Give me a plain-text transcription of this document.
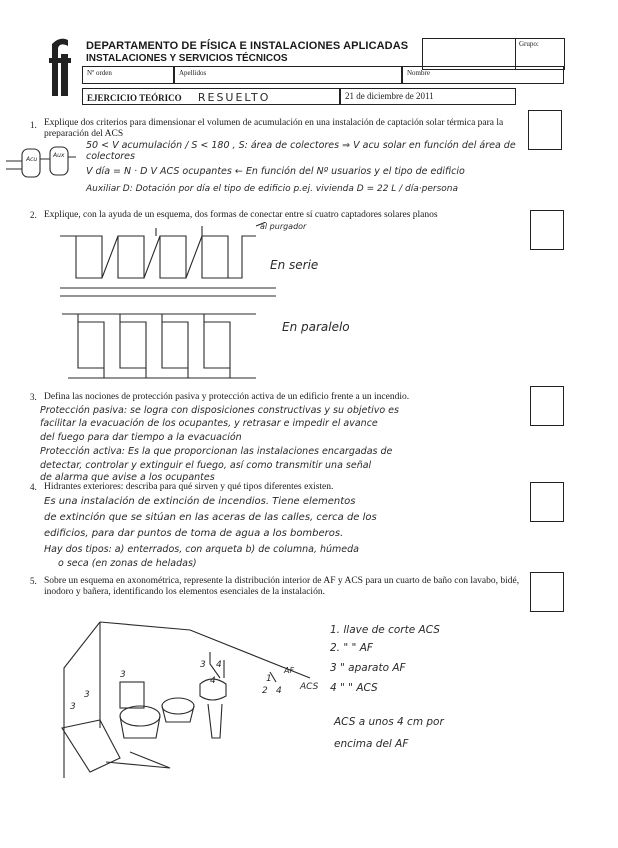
DEPARTAMENTO DE FÍSICA E INSTALACIONES APLICADAS
INSTALACIONES Y SERVICIOS TÉCNICOS
Grupo:
Nº orden	Apellidos	Nombre
EJERCICIO TEÓRICO RESUELTO	21 de diciembre de 2011
1. Explique dos criterios para dimensionar el volumen de acumulación en una instalación de captación solar térmica para la preparación del ACS
Acu
Aux
50 < V acumulación / S < 180 , S: área de colectores ⇒ V acu solar en función del área de colectores
V día = N · D V ACS ocupantes ← En función del Nº usuarios y el tipo de edificio
Auxiliar D: Dotación por día el tipo de edificio p.ej. vivienda D = 22 L / día·persona
2. Explique, con la ayuda de un esquema, dos formas de conectar entre sí cuatro captadores solares planos
al purgador
En serie
En paralelo
3. Defina las nociones de protección pasiva y protección activa de un edificio frente a un incendio.
Protección pasiva: se logra con disposiciones constructivas y su objetivo es
facilitar la evacuación de los ocupantes, y retrasar e impedir el avance
del fuego para dar tiempo a la evacuación
Protección activa: Es la que proporcionan las instalaciones encargadas de
detectar, controlar y extinguir el fuego, así como transmitir una señal
de alarma que avise a los ocupantes
4. Hidrantes exteriores: describa para qué sirven y qué tipos diferentes existen.
Es una instalación de extinción de incendios. Tiene elementos
de extinción que se sitúan en las aceras de las calles, cerca de los
edificios, para dar puntos de toma de agua a los bomberos.
Hay dos tipos: a) enterrados, con arqueta b) de columna, húmeda
o seca (en zonas de heladas)
5. Sobre un esquema en axonométrica, represente la distribución interior de AF y ACS para un cuarto de baño con lavabo, bidé, inodoro y bañera, identificando los elementos esenciales de la instalación.
3
4
3 4
3
2 4
1
3
ACS
AF
1. llave de corte ACS
2. " " AF
3 " aparato AF
4 " " ACS
ACS a unos 4 cm por
encima del AF
